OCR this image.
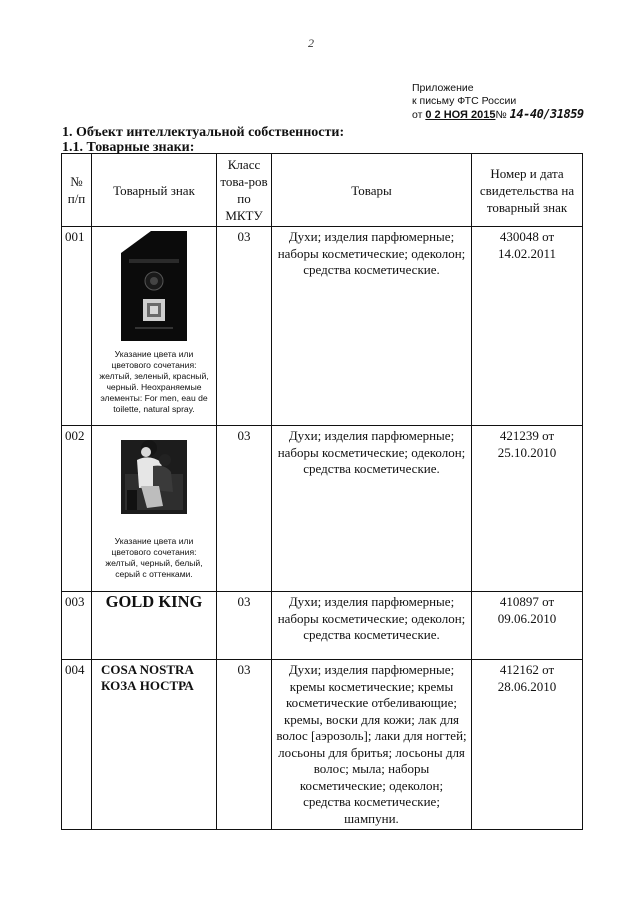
2
Приложение
к письму ФТС России
от 0 2 НОЯ 2015№ 14-40/31859
1. Объект интеллектуальной собственности:
1.1. Товарные знаки:
№ п/п	Товарный знак	Класс това-ров по МКТУ	Товары	Номер и дата свидетельства на товарный знак
001	Указание цвета или цветового сочетания: желтый, зеленый, красный, черный. Неохраняемые элементы: For men, eau de toilette, natural spray.	03	Духи; изделия парфюмерные; наборы косметические; одеколон; средства косметические.	430048 от 14.02.2011
002	Указание цвета или цветового сочетания: желтый, черный, белый, серый с оттенками.	03	Духи; изделия парфюмерные; наборы косметические; одеколон; средства косметические.	421239 от 25.10.2010
003	GOLD KING	03	Духи; изделия парфюмерные; наборы косметические; одеколон; средства косметические.	410897 от 09.06.2010
004	COSA NOSTRA
КОЗА НОСТРА	03	Духи; изделия парфюмерные; кремы косметические; кремы косметические отбеливающие; кремы, воски для кожи; лак для волос [аэрозоль]; лаки для ногтей; лосьоны для бритья; лосьоны для волос; мыла; наборы косметические; одеколон; средства косметические; шампуни.	412162 от 28.06.2010
